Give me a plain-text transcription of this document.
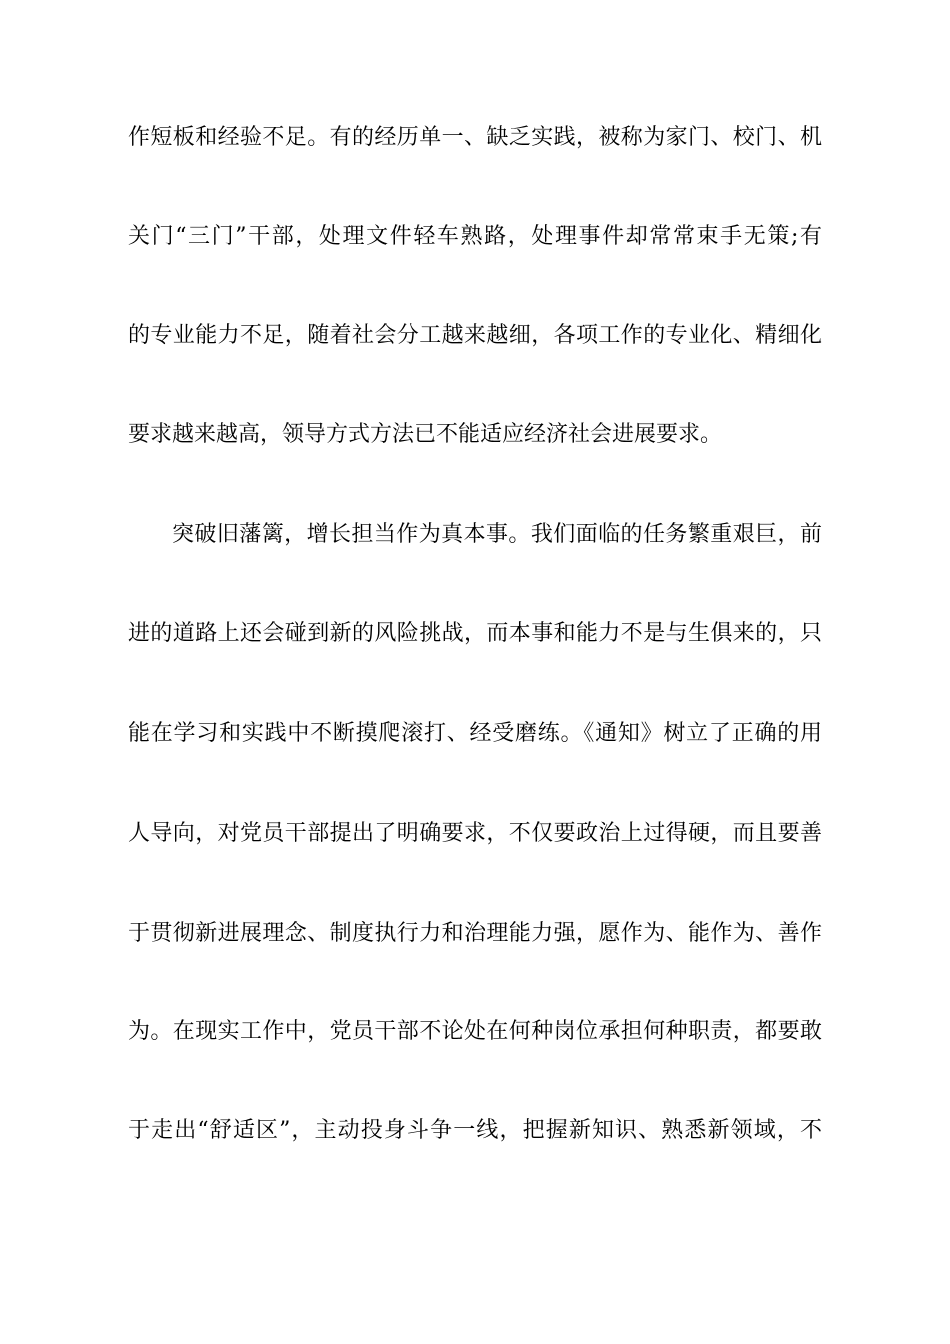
作短板和经验不足。有的经历单一、缺乏实践，被称为家门、校门、机
关门“三门”干部，处理文件轻车熟路，处理事件却常常束手无策;有
的专业能力不足，随着社会分工越来越细，各项工作的专业化、精细化
要求越来越高，领导方式方法已不能适应经济社会进展要求。
突破旧藩篱，增长担当作为真本事。我们面临的任务繁重艰巨，前
进的道路上还会碰到新的风险挑战，而本事和能力不是与生俱来的，只
能在学习和实践中不断摸爬滚打、经受磨练。《通知》树立了正确的用
人导向，对党员干部提出了明确要求，不仅要政治上过得硬，而且要善
于贯彻新进展理念、制度执行力和治理能力强，愿作为、能作为、善作
为。在现实工作中，党员干部不论处在何种岗位承担何种职责，都要敢
于走出“舒适区”，主动投身斗争一线，把握新知识、熟悉新领域，不
